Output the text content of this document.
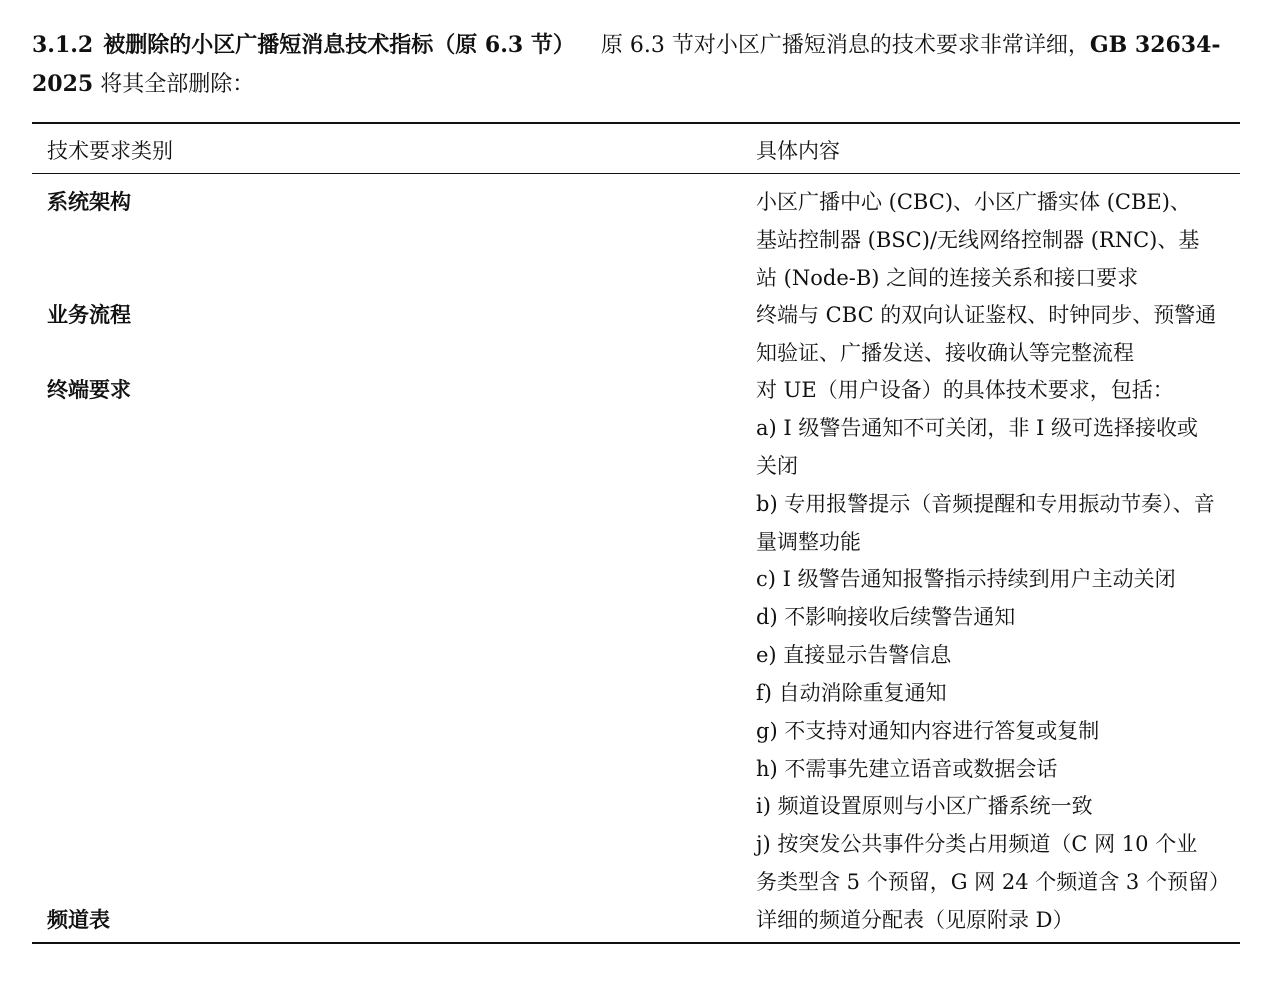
3.1.2 被删除的小区广播短消息技术指标（原 6.3 节） 原 6.3 节对小区广播短消息的技术要求非常详细，GB 32634-2025 将其全部删除：
技术要求类别	具体内容
系统架构	小区广播中心 (CBC)、小区广播实体 (CBE)、
基站控制器 (BSC)/无线网络控制器 (RNC)、基
站 (Node-B) 之间的连接关系和接口要求
业务流程	终端与 CBC 的双向认证鉴权、时钟同步、预警通
知验证、广播发送、接收确认等完整流程
终端要求	对 UE（用户设备）的具体技术要求，包括：
a) I 级警告通知不可关闭，非 I 级可选择接收或
关闭
b) 专用报警提示（音频提醒和专用振动节奏）、音
量调整功能
c) I 级警告通知报警指示持续到用户主动关闭
d) 不影响接收后续警告通知
e) 直接显示告警信息
f) 自动消除重复通知
g) 不支持对通知内容进行答复或复制
h) 不需事先建立语音或数据会话
i) 频道设置原则与小区广播系统一致
j) 按突发公共事件分类占用频道（C 网 10 个业
务类型含 5 个预留，G 网 24 个频道含 3 个预留）
频道表	详细的频道分配表（见原附录 D）
